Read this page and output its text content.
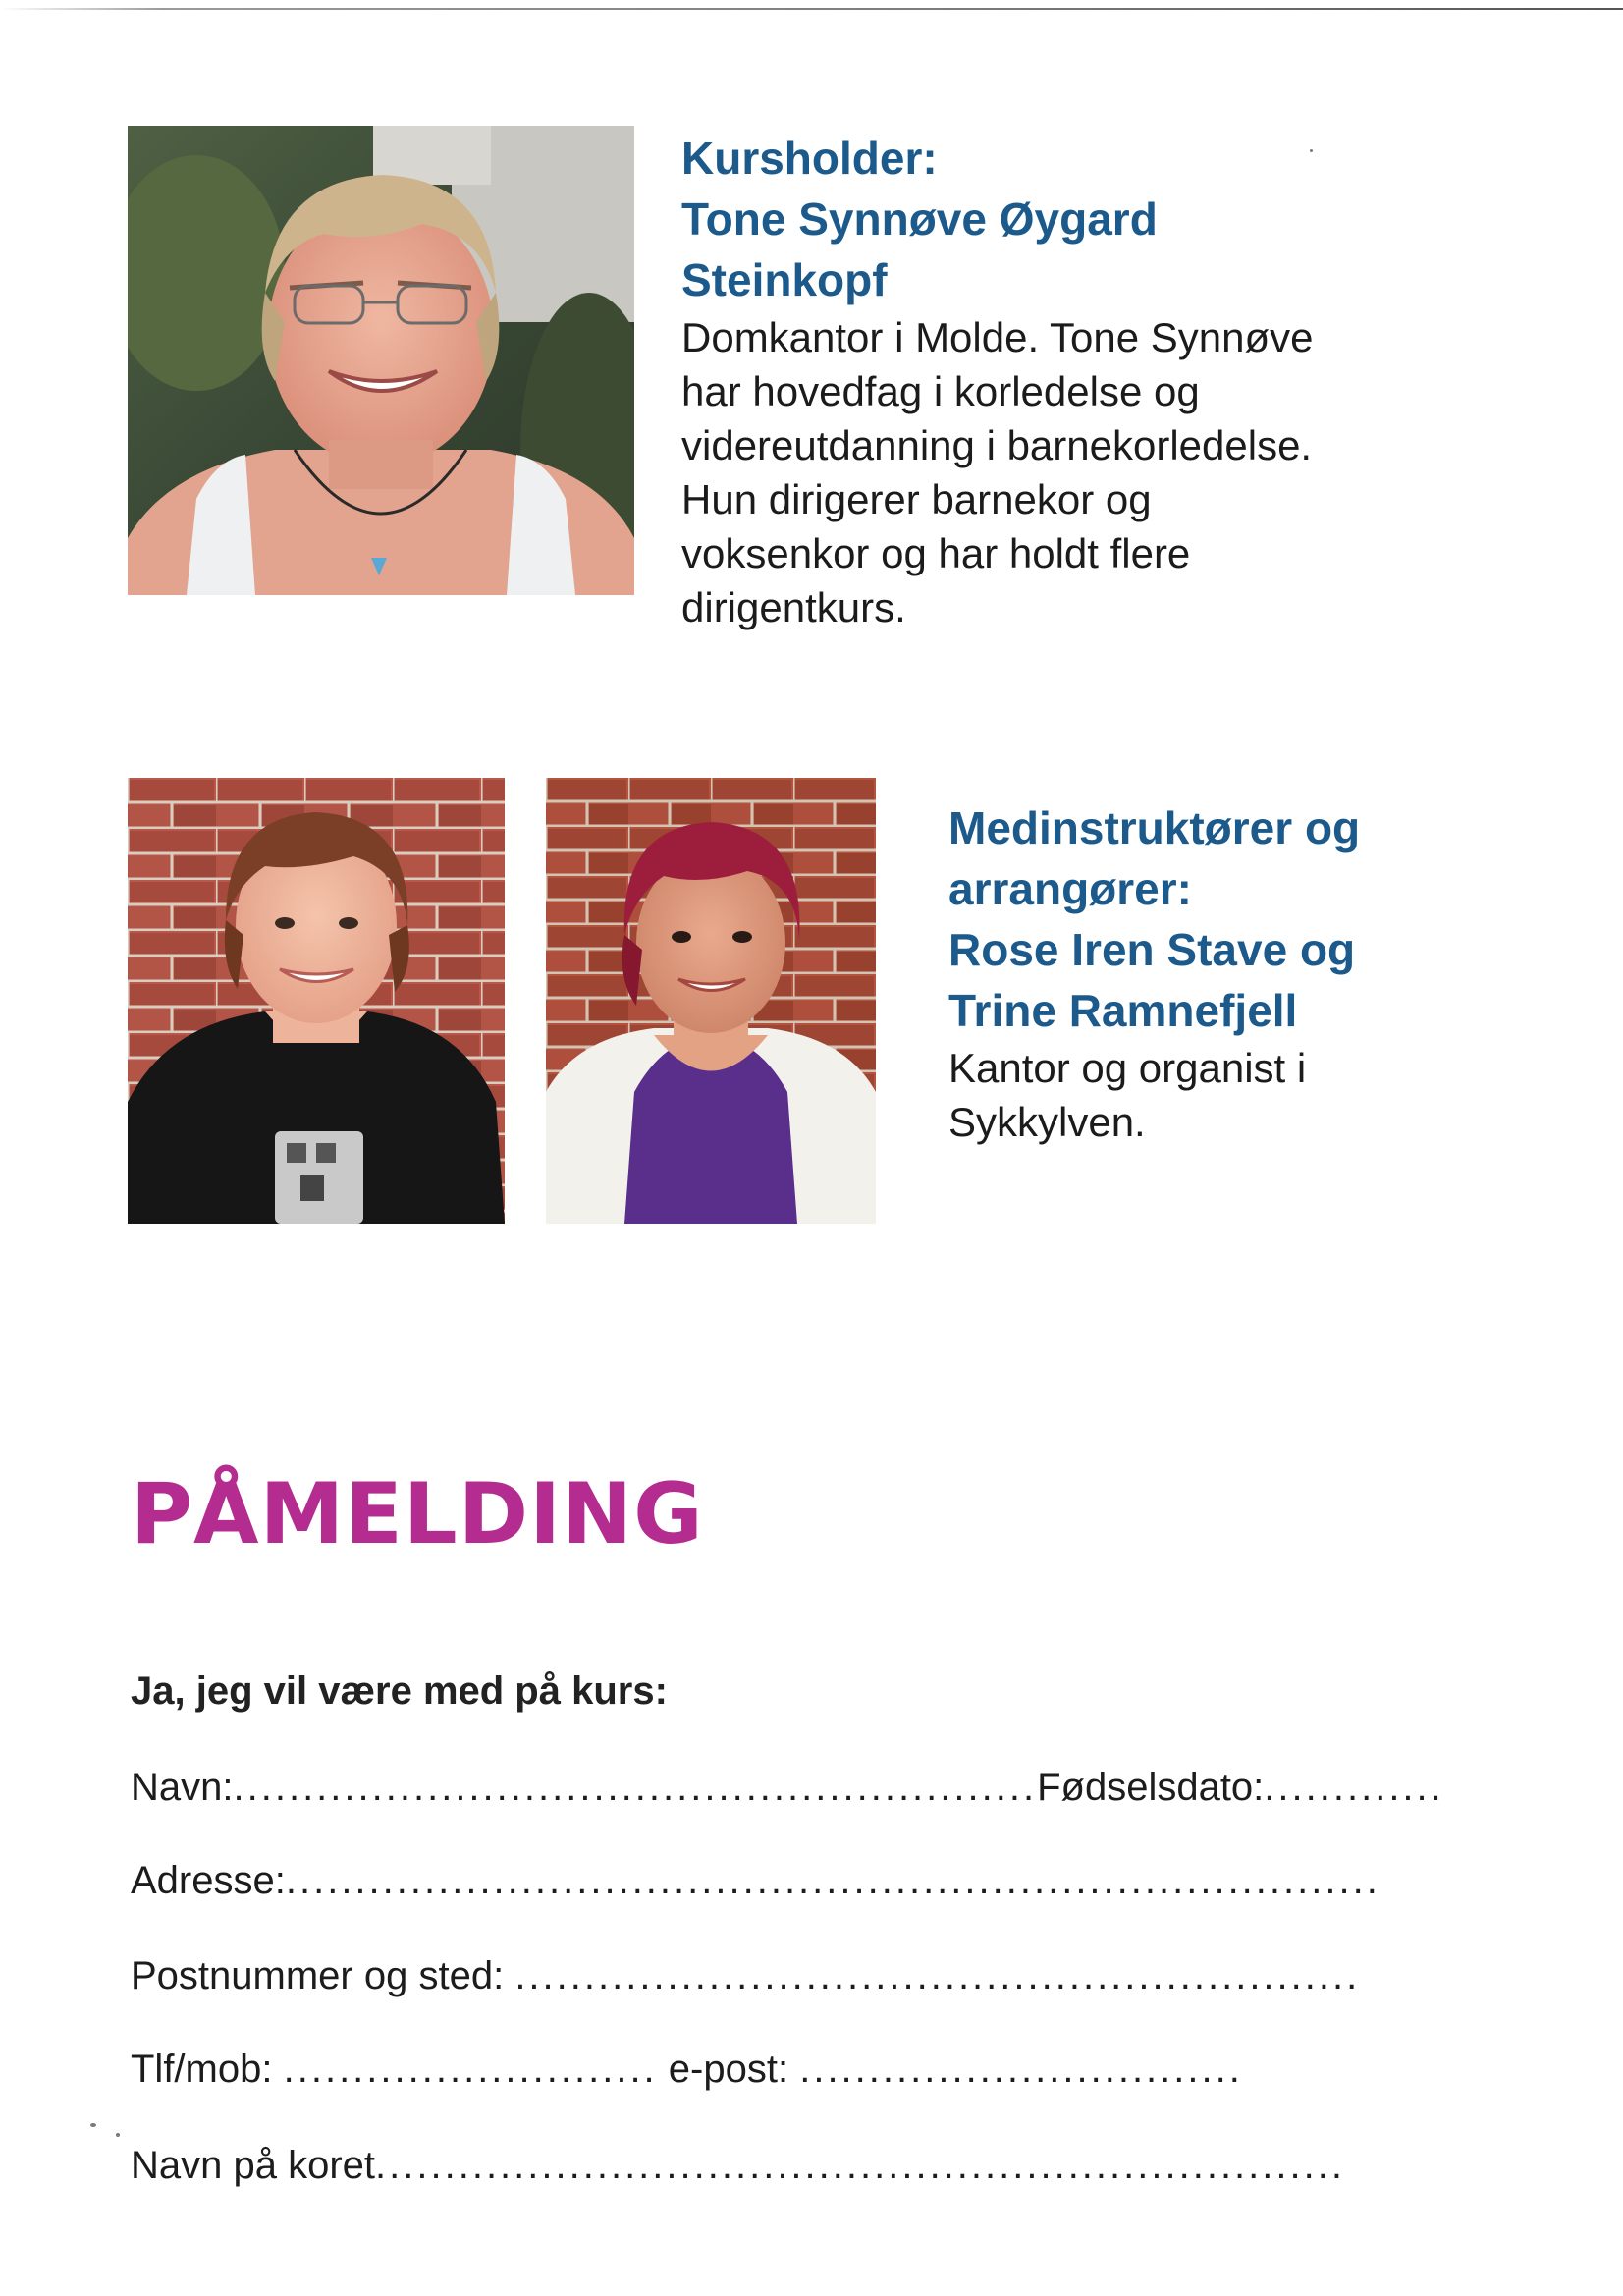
Kursholder:

Tone Synnøve Øygard

Steinkopf

Domkantor i Molde. Tone Synnøve

har hovedfag i korledelse og

videreutdanning i barnekorledelse.

Hun dirigerer barnekor og

voksenkor og har holdt flere

dirigentkurs.

Medinstruktører og

arrangører:

Rose Iren Stave og

Trine Ramnefjell

Kantor og organist i

Sykkylven.

PÅMELDING

Ja, jeg vil være med på kurs:

Navn:..........................................................Fødselsdato:.............
Adresse:...............................................................................
Postnummer og sted: .............................................................
Tlf/mob: ........................... e-post: ................................
Navn på koret......................................................................
